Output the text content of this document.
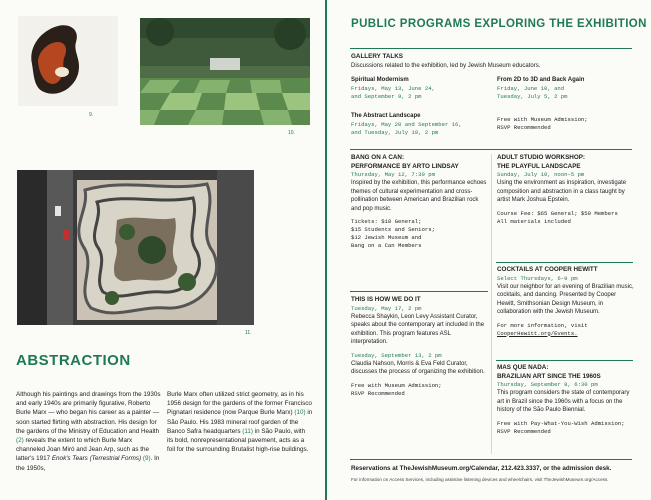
9.
10.
11.
ABSTRACTION
Although his paintings and drawings from the 1930s and early 1940s are primarily figurative, Roberto Burle Marx — who began his career as a painter — soon started flirting with abstraction. His design for the gardens of the Ministry of Education and Health (2) reveals the extent to which Burle Marx channeled Joan Miró and Jean Arp, such as the latter's 1917 Enok's Tears (Terrestrial Forms) (9). In the 1950s,
Burle Marx often utilized strict geometry, as in his 1956 design for the gardens of the former Francisco Pignatari residence (now Parque Burle Marx) (10) in São Paulo. His 1983 mineral roof garden of the Banco Safra headquarters (11) in São Paulo, with its bold, nonrepresentational pavement, acts as a foil for the surrounding Brutalist high-rise buildings.
PUBLIC PROGRAMS EXPLORING THE EXHIBITION
GALLERY TALKS
Discussions related to the exhibition, led by Jewish Museum educators.
Spiritual Modernism
Fridays, May 13, June 24,
and September 9, 2 pm
From 2D to 3D and Back Again
Friday, June 10, and
Tuesday, July 5, 2 pm
The Abstract Landscape
Fridays, May 20 and September 16,
and Tuesday, July 19, 2 pm
Free with Museum Admission;
RSVP Recommended
BANG ON A CAN:
PERFORMANCE BY ARTO LINDSAY
Thursday, May 12, 7:30 pm
Inspired by the exhibition, this performance echoes themes of cultural experimentation and cross-pollination between American and Brazilian rock and pop music.
Tickets: $18 General;
$15 Students and Seniors;
$12 Jewish Museum and
Bang on a Can Members
ADULT STUDIO WORKSHOP:
THE PLAYFUL LANDSCAPE
Sunday, July 10, noon–5 pm
Using the environment as inspiration, investigate composition and abstraction in a class taught by artist Mark Joshua Epstein.
Course Fee: $65 General; $50 Members
All materials included
THIS IS HOW WE DO IT
Tuesday, May 17, 2 pm
Rebecca Shaykin, Leon Levy Assistant Curator, speaks about the contemporary art included in the exhibition. This program features ASL interpretation.
Tuesday, September 13, 2 pm
Claudia Nahson, Morris & Eva Feld Curator, discusses the process of organizing the exhibition.
Free with Museum Admission;
RSVP Recommended
COCKTAILS AT COOPER HEWITT
Select Thursdays, 6–9 pm
Visit our neighbor for an evening of Brazilian music, cocktails, and dancing. Presented by Cooper Hewitt, Smithsonian Design Museum, in collaboration with the Jewish Museum.
For more information, visit
CooperHewitt.org/Events.
MAS QUE NADA:
BRAZILIAN ART SINCE THE 1960S
Thursday, September 8, 6:30 pm
This program considers the state of contemporary art in Brazil since the 1960s with a focus on the history of the São Paulo Biennial.
Free with Pay-What-You-Wish Admission; RSVP Recommended
Reservations at TheJewishMuseum.org/Calendar, 212.423.3337, or the admission desk.
For information on Access Services, including assistive listening devices and wheelchairs, visit TheJewishMuseum.org/Access.
